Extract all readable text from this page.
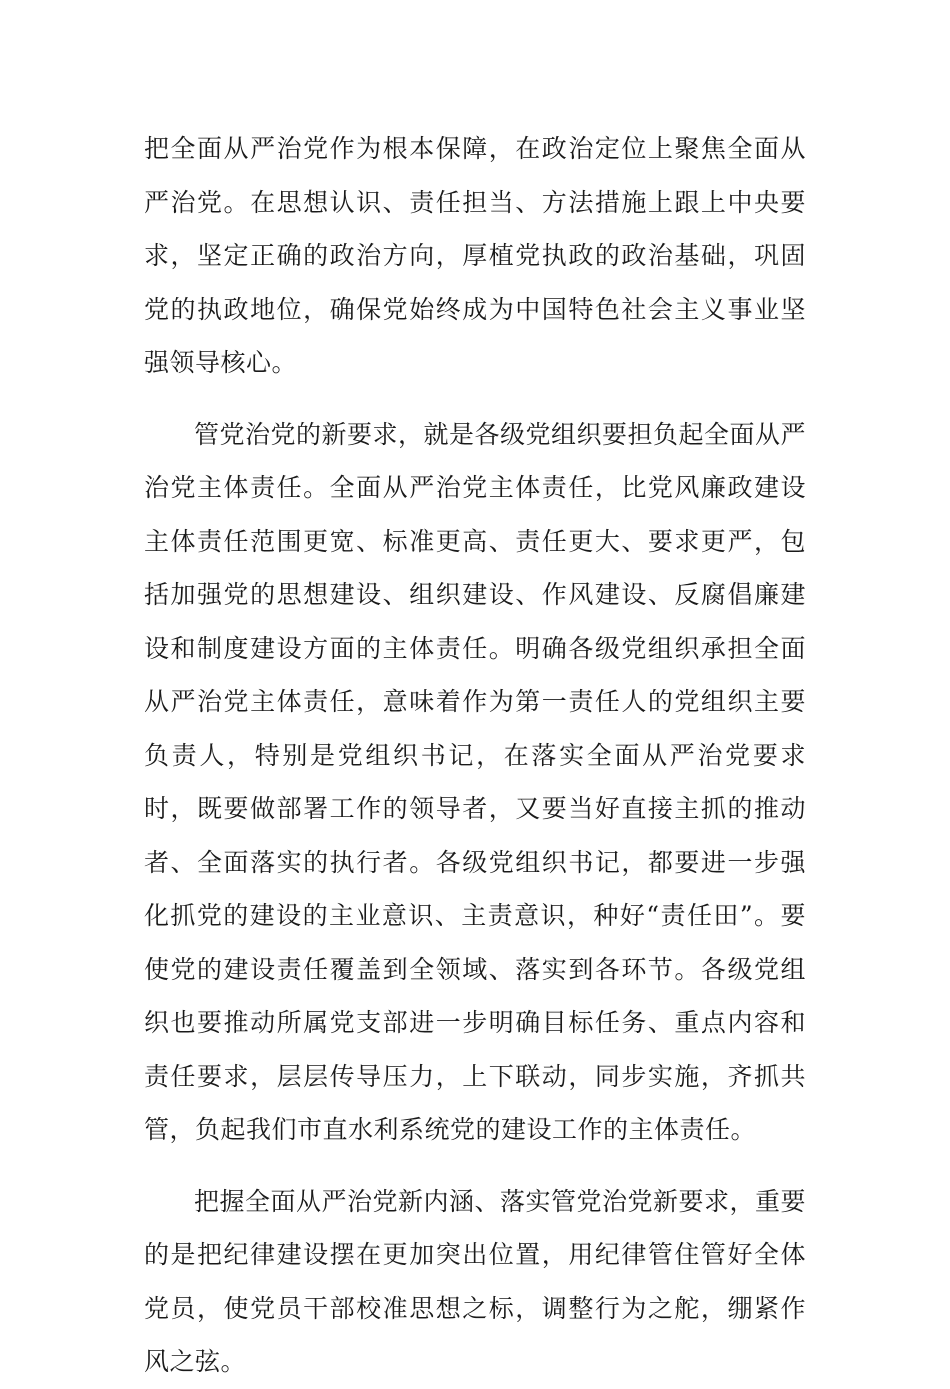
把全面从严治党作为根本保障，在政治定位上聚焦全面从严治党。在思想认识、责任担当、方法措施上跟上中央要求，坚定正确的政治方向，厚植党执政的政治基础，巩固党的执政地位，确保党始终成为中国特色社会主义事业坚强领导核心。

管党治党的新要求，就是各级党组织要担负起全面从严治党主体责任。全面从严治党主体责任，比党风廉政建设主体责任范围更宽、标准更高、责任更大、要求更严，包括加强党的思想建设、组织建设、作风建设、反腐倡廉建设和制度建设方面的主体责任。明确各级党组织承担全面从严治党主体责任，意味着作为第一责任人的党组织主要负责人，特别是党组织书记，在落实全面从严治党要求时，既要做部署工作的领导者，又要当好直接主抓的推动者、全面落实的执行者。各级党组织书记，都要进一步强化抓党的建设的主业意识、主责意识，种好“责任田”。要使党的建设责任覆盖到全领域、落实到各环节。各级党组织也要推动所属党支部进一步明确目标任务、重点内容和责任要求，层层传导压力，上下联动，同步实施，齐抓共管，负起我们市直水利系统党的建设工作的主体责任。

把握全面从严治党新内涵、落实管党治党新要求，重要的是把纪律建设摆在更加突出位置，用纪律管住管好全体党员，使党员干部校准思想之标，调整行为之舵，绷紧作风之弦。
